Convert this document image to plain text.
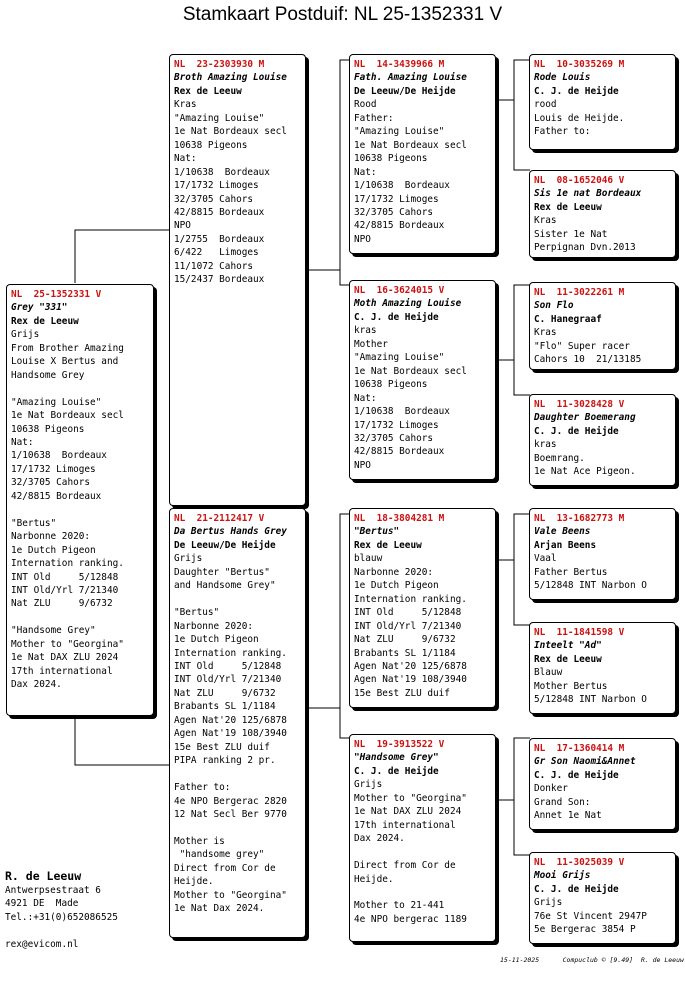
Stamkaart Postduif: NL 25-1352331 V
NL  25-1352331 V
Grey "331"
Rex de Leeuw
Grijs
From Brother Amazing
Louise X Bertus and
Handsome Grey

"Amazing Louise"
1e Nat Bordeaux secl
10638 Pigeons
Nat:
1/10638  Bordeaux
17/1732 Limoges
32/3705 Cahors
42/8815 Bordeaux

"Bertus"
Narbonne 2020:
1e Dutch Pigeon
Internation ranking.
INT Old     5/12848
INT Old/Yrl 7/21340
Nat ZLU     9/6732

"Handsome Grey"
Mother to "Georgina"
1e Nat DAX ZLU 2024
17th international
Dax 2024.
NL  23-2303930 M
Broth Amazing Louise
Rex de Leeuw
Kras
"Amazing Louise"
1e Nat Bordeaux secl
10638 Pigeons
Nat:
1/10638  Bordeaux
17/1732 Limoges
32/3705 Cahors
42/8815 Bordeaux
NPO
1/2755  Bordeaux
6/422   Limoges
11/1072 Cahors
15/2437 Bordeaux
NL  21-2112417 V
Da Bertus Hands Grey
De Leeuw/De Heijde
Grijs
Daughter "Bertus"
and Handsome Grey"

"Bertus"
Narbonne 2020:
1e Dutch Pigeon
Internation ranking.
INT Old     5/12848
INT Old/Yrl 7/21340
Nat ZLU     9/6732
Brabants SL 1/1184
Agen Nat'20 125/6878
Agen Nat'19 108/3940
15e Best ZLU duif
PIPA ranking 2 pr.

Father to:
4e NPO Bergerac 2820
12 Nat Secl Ber 9770

Mother is
"handsome grey"
Direct from Cor de
Heijde.
Mother to "Georgina"
1e Nat Dax 2024.
NL  14-3439966 M
Fath. Amazing Louise
De Leeuw/De Heijde
Rood
Father:
"Amazing Louise"
1e Nat Bordeaux secl
10638 Pigeons
Nat:
1/10638  Bordeaux
17/1732 Limoges
32/3705 Cahors
42/8815 Bordeaux
NPO
NL  16-3624015 V
Moth Amazing Louise
C. J. de Heijde
kras
Mother
"Amazing Louise"
1e Nat Bordeaux secl
10638 Pigeons
Nat:
1/10638  Bordeaux
17/1732 Limoges
32/3705 Cahors
42/8815 Bordeaux
NPO
NL  18-3804281 M
"Bertus"
Rex de Leeuw
blauw
Narbonne 2020:
1e Dutch Pigeon
Internation ranking.
INT Old     5/12848
INT Old/Yrl 7/21340
Nat ZLU     9/6732
Brabants SL 1/1184
Agen Nat'20 125/6878
Agen Nat'19 108/3940
15e Best ZLU duif
NL  19-3913522 V
"Handsome Grey"
C. J. de Heijde
Grijs
Mother to "Georgina"
1e Nat DAX ZLU 2024
17th international
Dax 2024.

Direct from Cor de
Heijde.

Mother to 21-441
4e NPO bergerac 1189
NL  10-3035269 M
Rode Louis
C. J. de Heijde
rood
Louis de Heijde.
Father to:
NL  08-1652046 V
Sis 1e nat Bordeaux
Rex de Leeuw
Kras
Sister 1e Nat
Perpignan Dvn.2013
NL  11-3022261 M
Son Flo
C. Hanegraaf
Kras
"Flo" Super racer
Cahors 10  21/13185
NL  11-3028428 V
Daughter Boemerang
C. J. de Heijde
kras
Boemrang.
1e Nat Ace Pigeon.
NL  13-1682773 M
Vale Beens
Arjan Beens
Vaal
Father Bertus
5/12848 INT Narbon O
NL  11-1841598 V
Inteelt "Ad"
Rex de Leeuw
Blauw
Mother Bertus
5/12848 INT Narbon O
NL  17-1360414 M
Gr Son Naomi&Annet
C. J. de Heijde
Donker
Grand Son:
Annet 1e Nat
NL  11-3025039 V
Mooi Grijs
C. J. de Heijde
Grijs
76e St Vincent 2947P
5e Bergerac 3854 P
R. de Leeuw
Antwerpsestraat 6
4921 DE  Made
Tel.:+31(0)652086525

rex@evicom.nl
15-11-2025      Compuclub © [9.49]  R. de Leeuw
